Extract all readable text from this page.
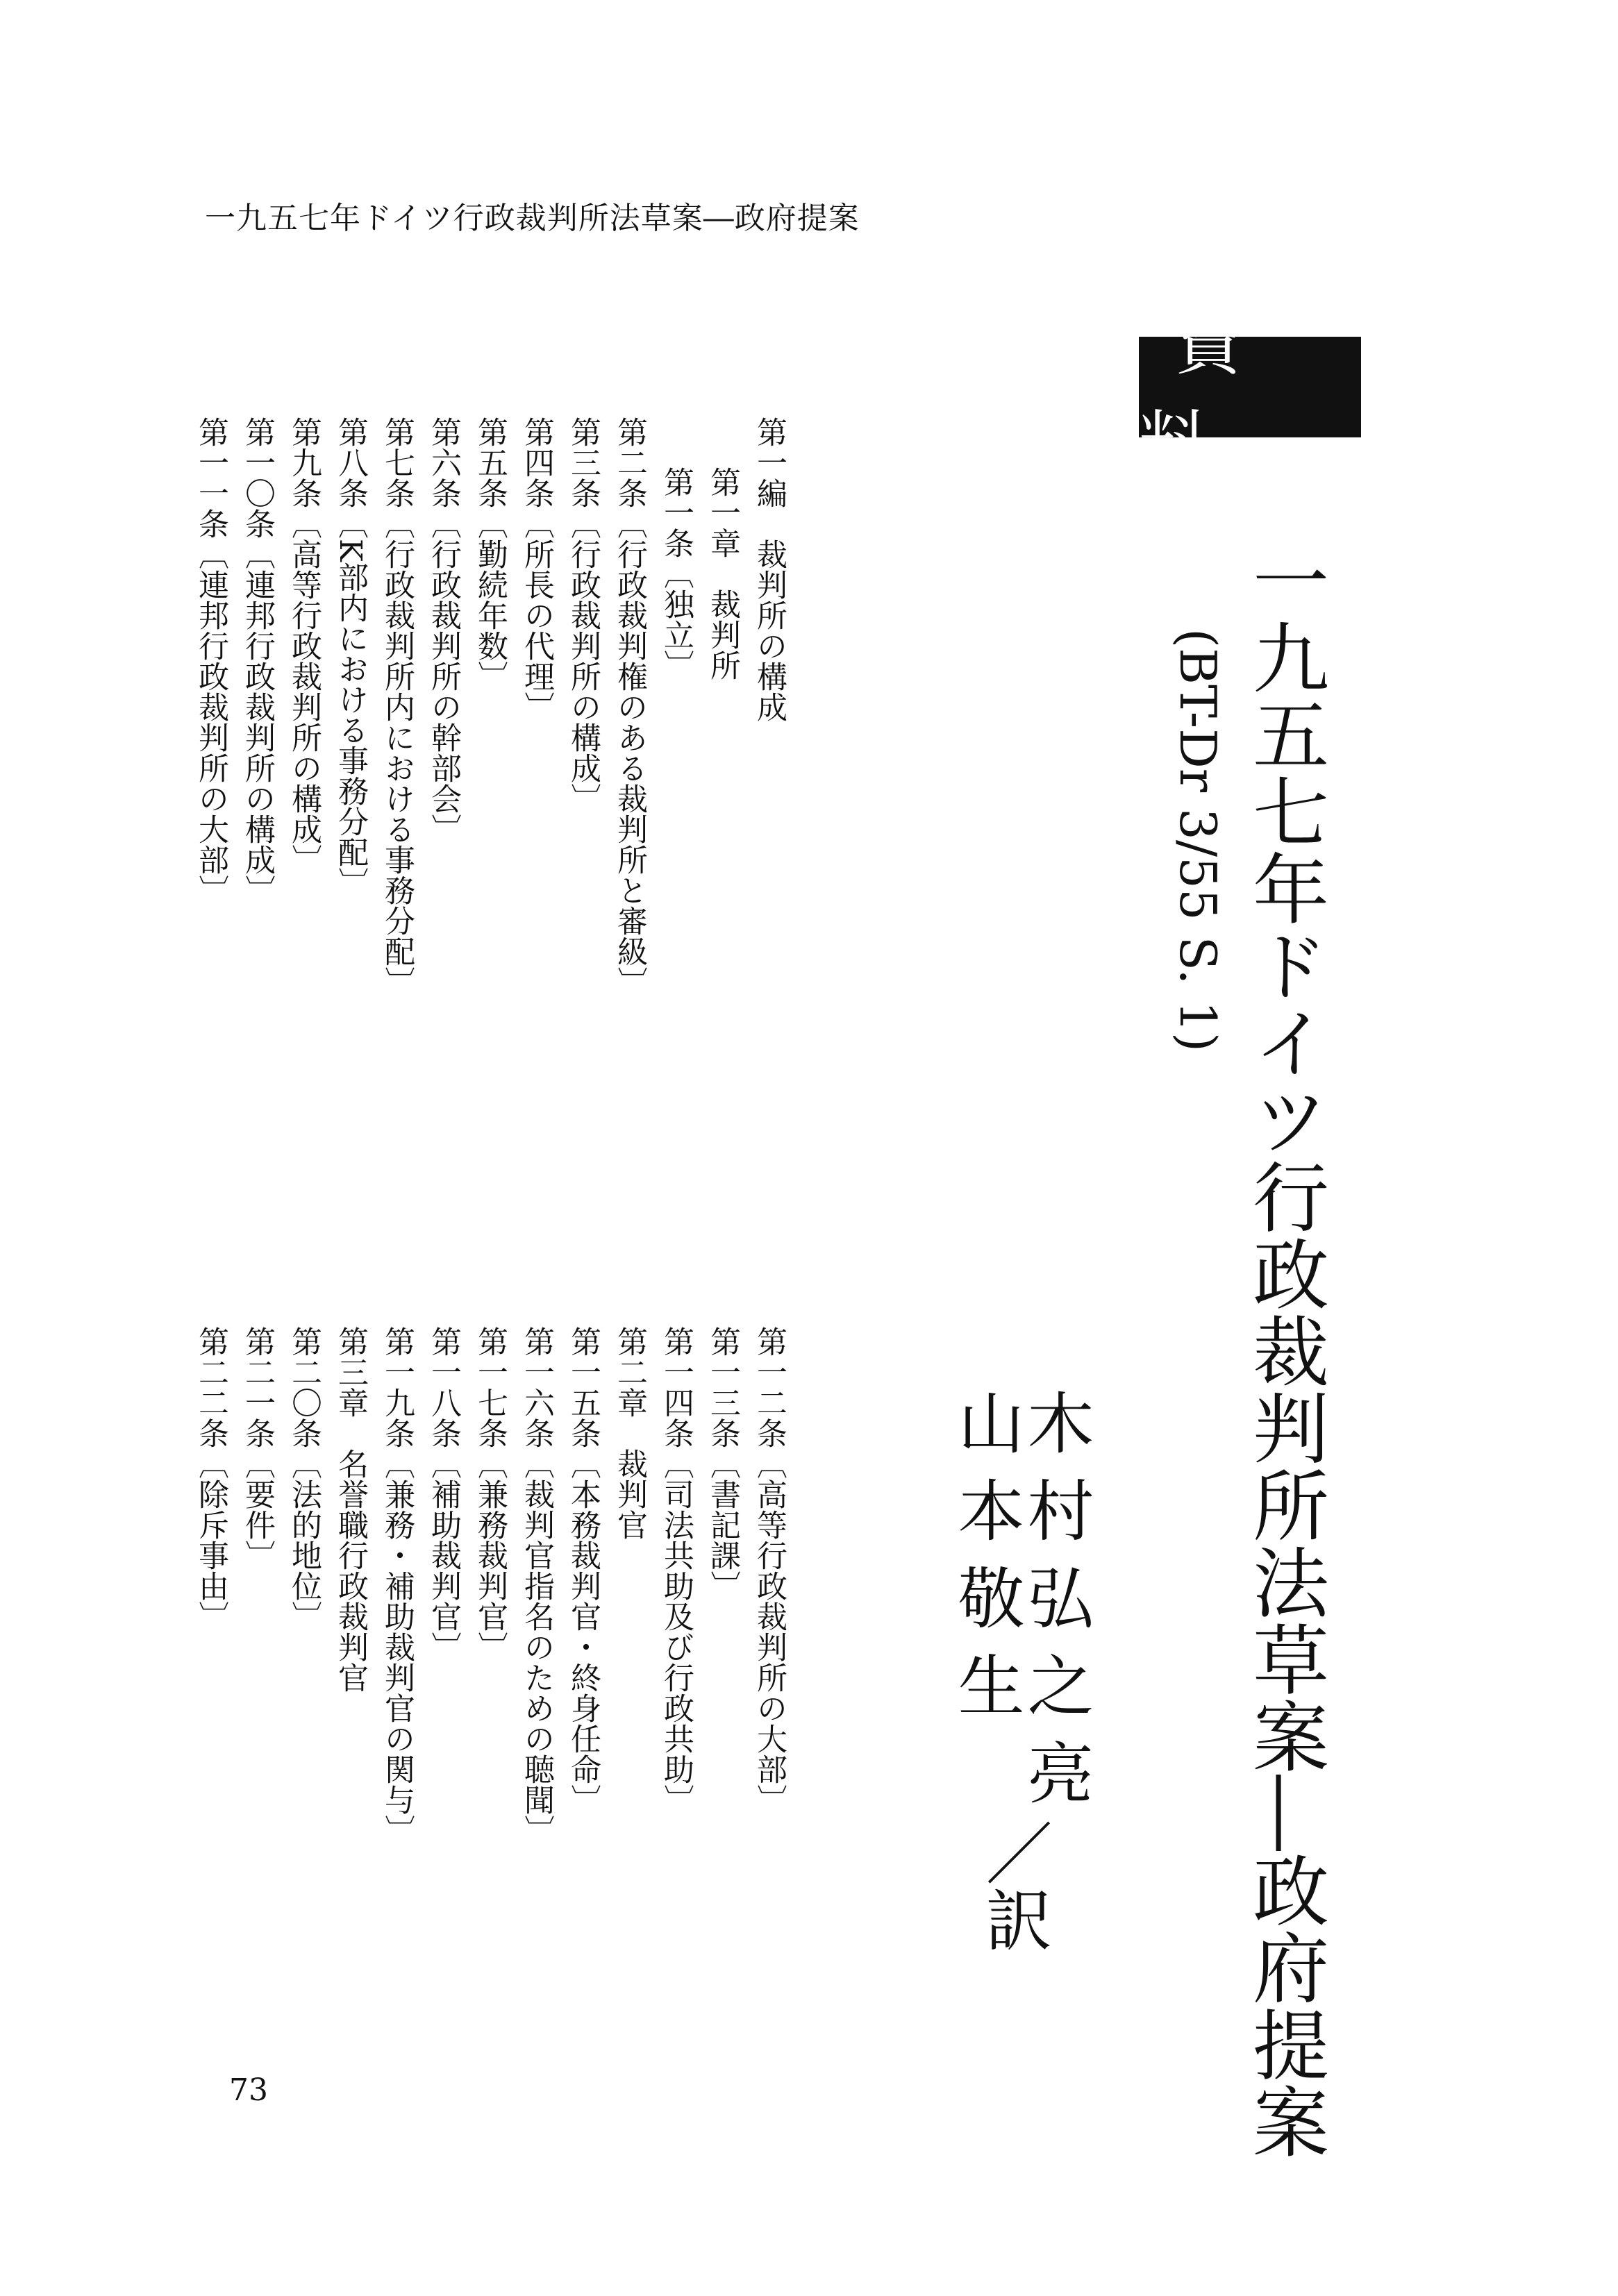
一九五七年ドイツ行政裁判所法草案―政府提案
資料
一九五七年ドイツ行政裁判所法草案―政府提案
(BT-Dr 3/55 S. 1)
木村弘之亮
山本敬生
／訳
第一編　裁判所の構成
第一章　裁判所
第一条〔独立〕
第二条〔行政裁判権のある裁判所と審級〕
第三条〔行政裁判所の構成〕
第四条〔所長の代理〕
第五条〔勤続年数〕
第六条〔行政裁判所の幹部会〕
第七条〔行政裁判所内における事務分配〕
第八条〔K部内における事務分配〕
第九条〔高等行政裁判所の構成〕
第一〇条〔連邦行政裁判所の構成〕
第一一条〔連邦行政裁判所の大部〕
第一二条〔高等行政裁判所の大部〕
第一三条〔書記課〕
第一四条〔司法共助及び行政共助〕
第二章　裁判官
第一五条〔本務裁判官・終身任命〕
第一六条〔裁判官指名のための聴聞〕
第一七条〔兼務裁判官〕
第一八条〔補助裁判官〕
第一九条〔兼務・補助裁判官の関与〕
第三章　名誉職行政裁判官
第二〇条〔法的地位〕
第二一条〔要件〕
第二二条〔除斥事由〕
73
